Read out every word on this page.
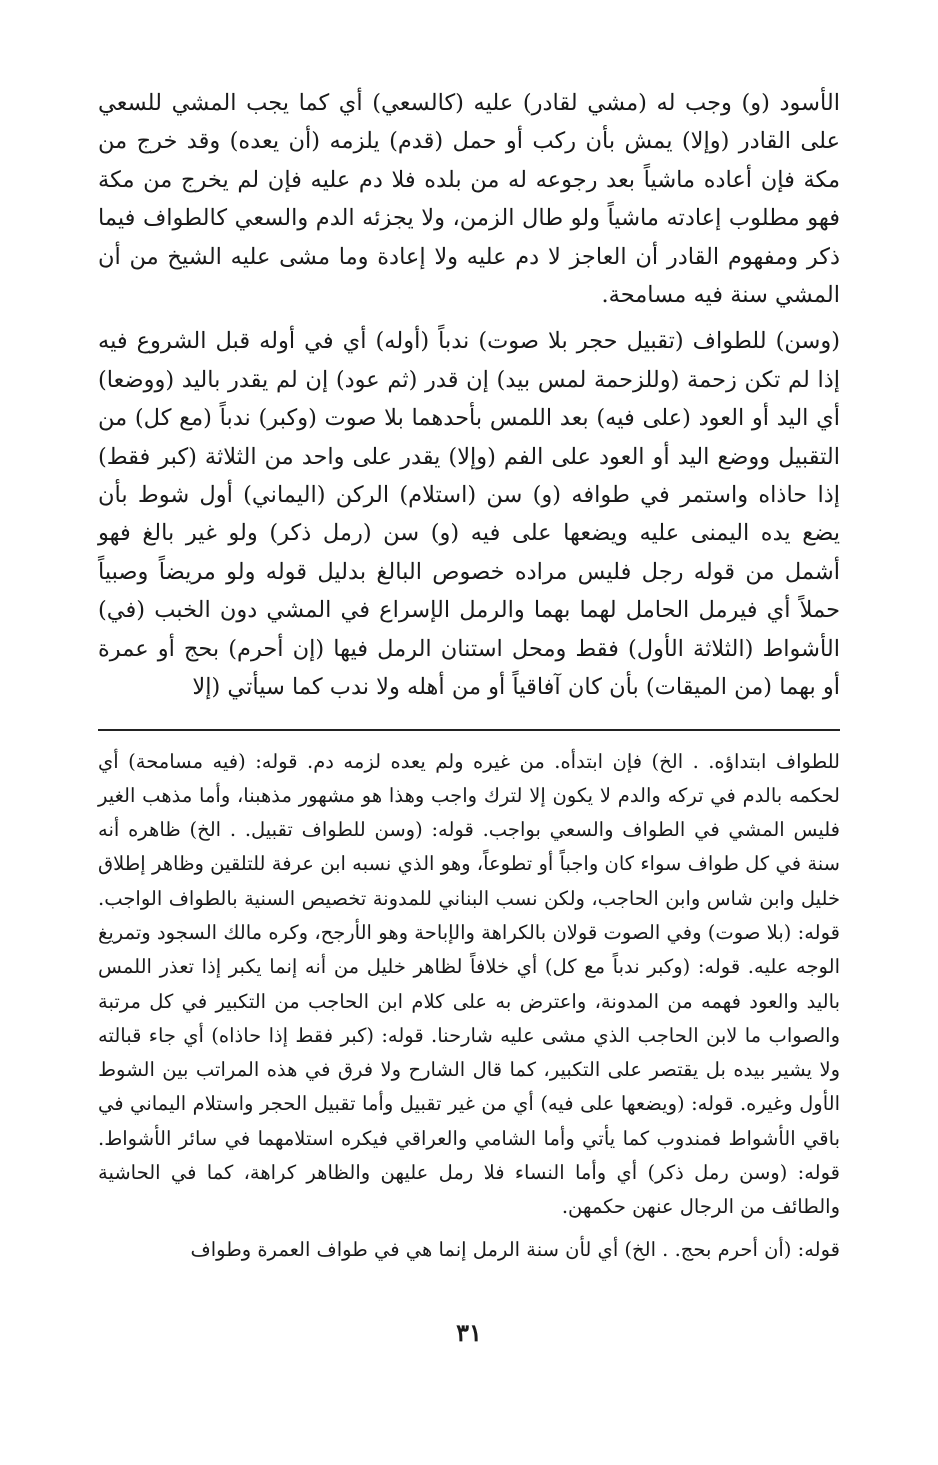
الأسود (و) وجب له (مشي لقادر) عليه (كالسعي) أي كما يجب المشي للسعي على القادر (وإلا) يمش بأن ركب أو حمل (قدم) يلزمه (أن يعده) وقد خرج من مكة فإن أعاده ماشياً بعد رجوعه له من بلده فلا دم عليه فإن لم يخرج من مكة فهو مطلوب إعادته ماشياً ولو طال الزمن، ولا يجزئه الدم والسعي كالطواف فيما ذكر ومفهوم القادر أن العاجز لا دم عليه ولا إعادة وما مشى عليه الشيخ من أن المشي سنة فيه مسامحة.

(وسن) للطواف (تقبيل حجر بلا صوت) ندباً (أوله) أي في أوله قبل الشروع فيه إذا لم تكن زحمة (وللزحمة لمس بيد) إن قدر (ثم عود) إن لم يقدر باليد (ووضعا) أي اليد أو العود (على فيه) بعد اللمس بأحدهما بلا صوت (وكبر) ندباً (مع كل) من التقبيل ووضع اليد أو العود على الفم (وإلا) يقدر على واحد من الثلاثة (كبر فقط) إذا حاذاه واستمر في طوافه (و) سن (استلام) الركن (اليماني) أول شوط بأن يضع يده اليمنى عليه ويضعها على فيه (و) سن (رمل ذكر) ولو غير بالغ فهو أشمل من قوله رجل فليس مراده خصوص البالغ بدليل قوله ولو مريضاً وصبياً حملاً أي فيرمل الحامل لهما بهما والرمل الإسراع في المشي دون الخبب (في) الأشواط (الثلاثة الأول) فقط ومحل استنان الرمل فيها (إن أحرم) بحج أو عمرة أو بهما (من الميقات) بأن كان آفاقياً أو من أهله ولا ندب كما سيأتي (إلا

للطواف ابتداؤه. . الخ) فإن ابتدأه. من غيره ولم يعده لزمه دم. قوله: (فيه مسامحة) أي لحكمه بالدم في تركه والدم لا يكون إلا لترك واجب وهذا هو مشهور مذهبنا، وأما مذهب الغير فليس المشي في الطواف والسعي بواجب. قوله: (وسن للطواف تقبيل. . الخ) ظاهره أنه سنة في كل طواف سواء كان واجباً أو تطوعاً، وهو الذي نسبه ابن عرفة للتلقين وظاهر إطلاق خليل وابن شاس وابن الحاجب، ولكن نسب البناني للمدونة تخصيص السنية بالطواف الواجب. قوله: (بلا صوت) وفي الصوت قولان بالكراهة والإباحة وهو الأرجح، وكره مالك السجود وتمريغ الوجه عليه. قوله: (وكبر ندباً مع كل) أي خلافاً لظاهر خليل من أنه إنما يكبر إذا تعذر اللمس باليد والعود فهمه من المدونة، واعترض به على كلام ابن الحاجب من التكبير في كل مرتبة والصواب ما لابن الحاجب الذي مشى عليه شارحنا. قوله: (كبر فقط إذا حاذاه) أي جاء قبالته ولا يشير بيده بل يقتصر على التكبير، كما قال الشارح ولا فرق في هذه المراتب بين الشوط الأول وغيره. قوله: (ويضعها على فيه) أي من غير تقبيل وأما تقبيل الحجر واستلام اليماني في باقي الأشواط فمندوب كما يأتي وأما الشامي والعراقي فيكره استلامهما في سائر الأشواط. قوله: (وسن رمل ذكر) أي وأما النساء فلا رمل عليهن والظاهر كراهة، كما في الحاشية والطائف من الرجال عنهن حكمهن.

قوله: (أن أحرم بحج. . الخ) أي لأن سنة الرمل إنما هي في طواف العمرة وطواف

٣١
